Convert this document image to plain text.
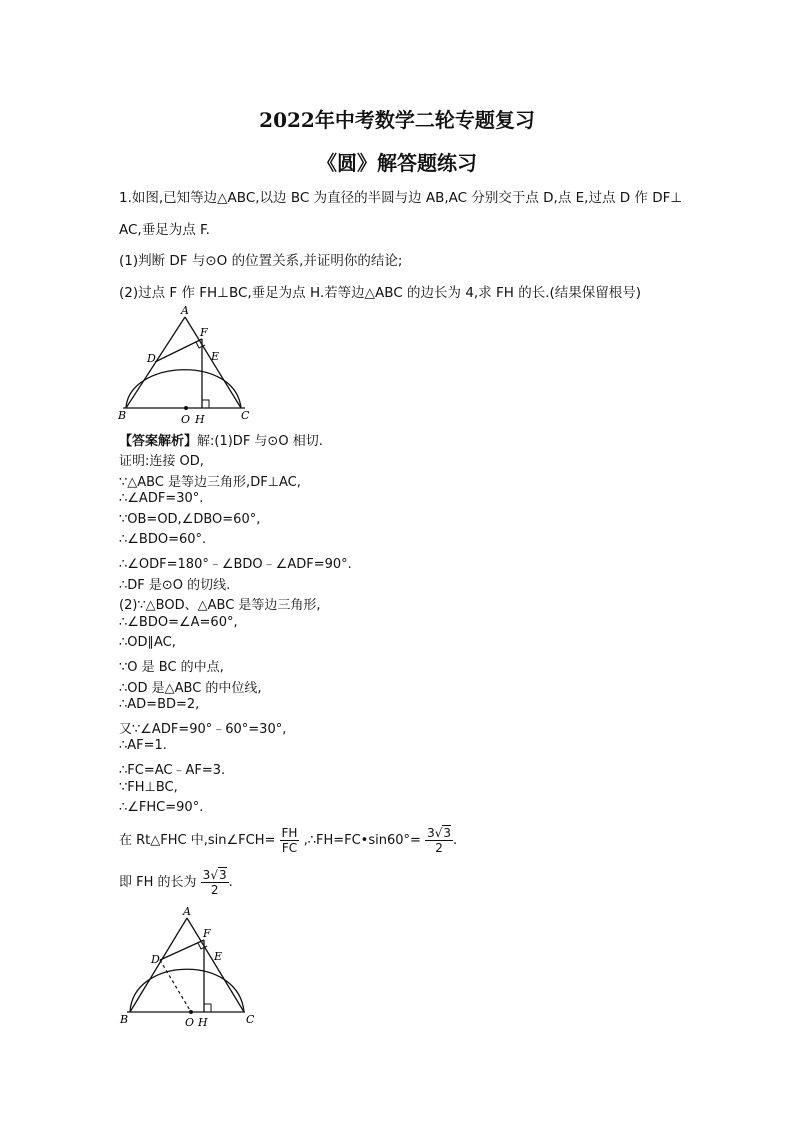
2022年中考数学二轮专题复习
《圆》解答题练习
1.如图,已知等边△ABC,以边 BC 为直径的半圆与边 AB,AC 分别交于点 D,点 E,过点 D 作 DF⊥
AC,垂足为点 F.
(1)判断 DF 与⊙O 的位置关系,并证明你的结论;
(2)过点 F 作 FH⊥BC,垂足为点 H.若等边△ABC 的边长为 4,求 FH 的长.(结果保留根号)
A
F
D	E
B	O H	C
【答案解析】解:(1)DF 与⊙O 相切.
证明:连接 OD,
∵△ABC 是等边三角形,DF⊥AC,
∴∠ADF=30°.
∵OB=OD,∠DBO=60°,
∴∠BDO=60°.
∴∠ODF=180°﹣∠BDO﹣∠ADF=90°.
∴DF 是⊙O 的切线.
(2)∵△BOD、△ABC 是等边三角形,
∴∠BDO=∠A=60°,
∴OD∥AC,
∵O 是 BC 的中点,
∴OD 是△ABC 的中位线,
∴AD=BD=2,
又∵∠ADF=90°﹣60°=30°,
∴AF=1.
∴FC=AC﹣AF=3.
∵FH⊥BC,
∴∠FHC=90°.
在 Rt△FHC 中,sin∠FCH= $\frac{FH}{FC}$ ,∴FH=FC•sin60°= $\frac{3√3}{2}$ .
即 FH 的长为 $\frac{3√3}{2}$ .
A
F
D	E
B	O H	C
